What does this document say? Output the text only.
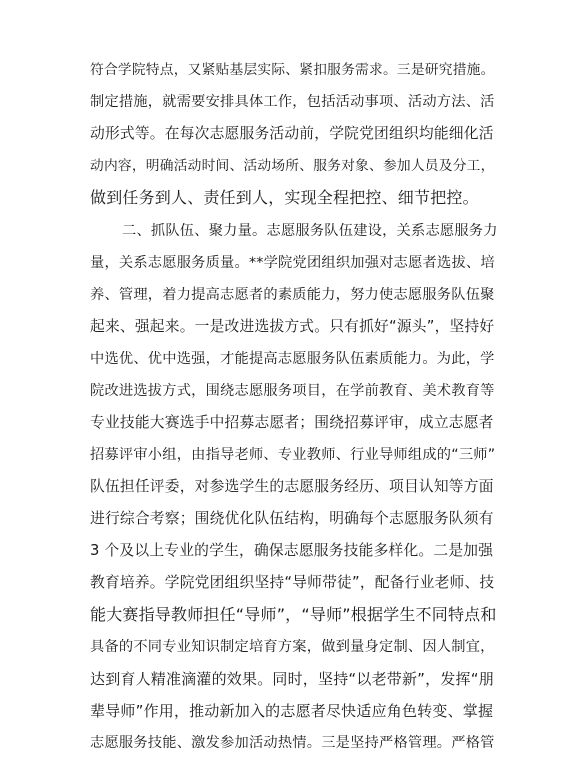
符合学院特点，又紧贴基层实际、紧扣服务需求。三是研究措施。
制定措施，就需要安排具体工作，包括活动事项、活动方法、活
动形式等。在每次志愿服务活动前，学院党团组织均能细化活
动内容，明确活动时间、活动场所、服务对象、参加人员及分工，
做到任务到人、责任到人，实现全程把控、细节把控。
二、抓队伍、聚力量。志愿服务队伍建设，关系志愿服务力
量，关系志愿服务质量。**学院党团组织加强对志愿者选拔、培
养、管理，着力提高志愿者的素质能力，努力使志愿服务队伍聚
起来、强起来。一是改进选拔方式。只有抓好“源头”，坚持好
中选优、优中选强，才能提高志愿服务队伍素质能力。为此，学
院改进选拔方式，围绕志愿服务项目，在学前教育、美术教育等
专业技能大赛选手中招募志愿者；围绕招募评审，成立志愿者
招募评审小组，由指导老师、专业教师、行业导师组成的“三师”
队伍担任评委，对参选学生的志愿服务经历、项目认知等方面
进行综合考察；围绕优化队伍结构，明确每个志愿服务队须有
3 个及以上专业的学生，确保志愿服务技能多样化。二是加强
教育培养。学院党团组织坚持“导师带徒”，配备行业老师、技
能大赛指导教师担任“导师”，“导师”根据学生不同特点和
具备的不同专业知识制定培育方案，做到量身定制、因人制宜，
达到育人精准滴灌的效果。同时，坚持“以老带新”，发挥“朋
辈导师”作用，推动新加入的志愿者尽快适应角色转变、掌握
志愿服务技能、激发参加活动热情。三是坚持严格管理。严格管
